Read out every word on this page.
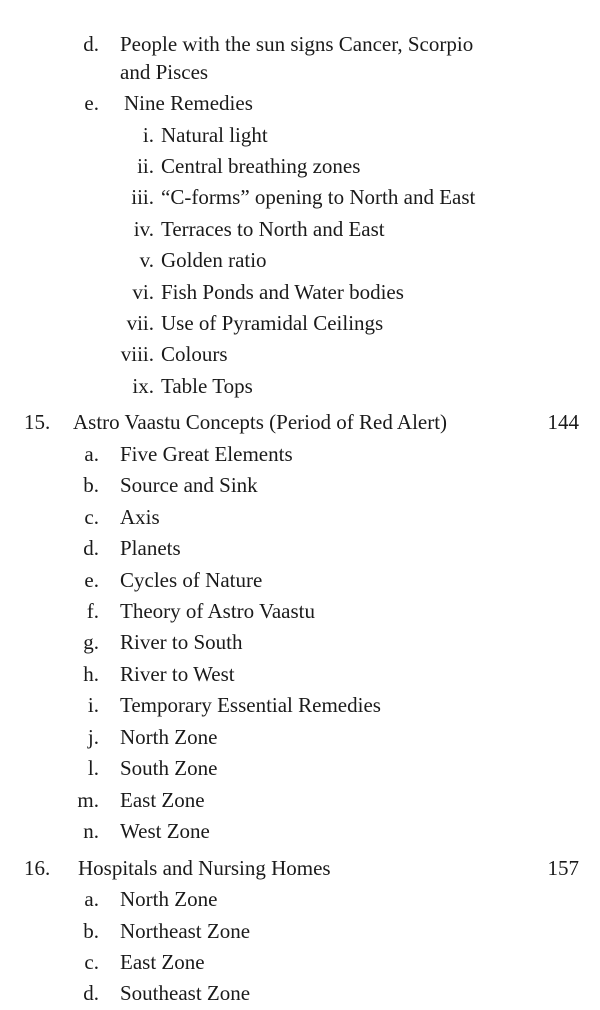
d. People with the sun signs Cancer, Scorpio
and Pisces
e. Nine Remedies
i. Natural light
ii. Central breathing zones
iii. “C-forms” opening to North and East
iv. Terraces to North and East
v. Golden ratio
vi. Fish Ponds and Water bodies
vii. Use of Pyramidal Ceilings
viii. Colours
ix. Table Tops
15. Astro Vaastu Concepts (Period of Red Alert)	144
a. Five Great Elements
b. Source and Sink
c. Axis
d. Planets
e. Cycles of Nature
f. Theory of Astro Vaastu
g. River to South
h. River to West
i. Temporary Essential Remedies
j. North Zone
l. South Zone
m. East Zone
n. West Zone
16. Hospitals and Nursing Homes	157
a. North Zone
b. Northeast Zone
c. East Zone
d. Southeast Zone
